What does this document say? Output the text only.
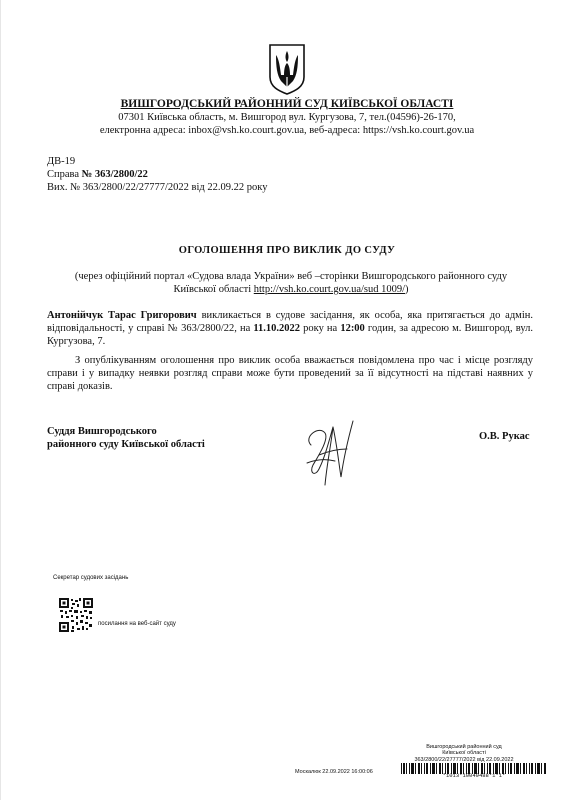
ВИШГОРОДСЬКИЙ РАЙОННИЙ СУД КИЇВСЬКОЇ ОБЛАСТІ
07301 Київська область, м. Вишгород вул. Кургузова, 7, тел.(04596)-26-170,
електронна адреса: inbox@vsh.ko.court.gov.ua, веб-адреса: https://vsh.ko.court.gov.ua
ДВ-19
Справа № 363/2800/22
Вих. № 363/2800/22/27777/2022 від 22.09.22 року
ОГОЛОШЕННЯ ПРО ВИКЛИК ДО СУДУ
(через офіційний портал «Судова влада України» веб –сторінки Вишгородського районного суду Київської області http://vsh.ko.court.gov.ua/sud 1009/)
Антонійчук Тарас Григорович викликається в судове засідання, як особа, яка притягається до адмін. відповідальності, у справі № 363/2800/22, на 11.10.2022 року на 12:00 годин, за адресою м. Вишгород, вул. Кургузова, 7.
З опублікуванням оголошення про виклик особа вважається повідомлена про час і місце розгляду справи і у випадку неявки розгляд справи може бути проведений за її відсутності на підставі наявних у справі доказів.
Суддя Вишгородського
районного суду Київської області
О.В. Рукас
Секретар судових засідань
посилання на веб-сайт суду
Вишгородський районний суд
Київської області
363/2800/22/27777/2022 від 22.09.2022
*1013*10049488*1*1*
Москалюк 22.09.2022 16:00:06
